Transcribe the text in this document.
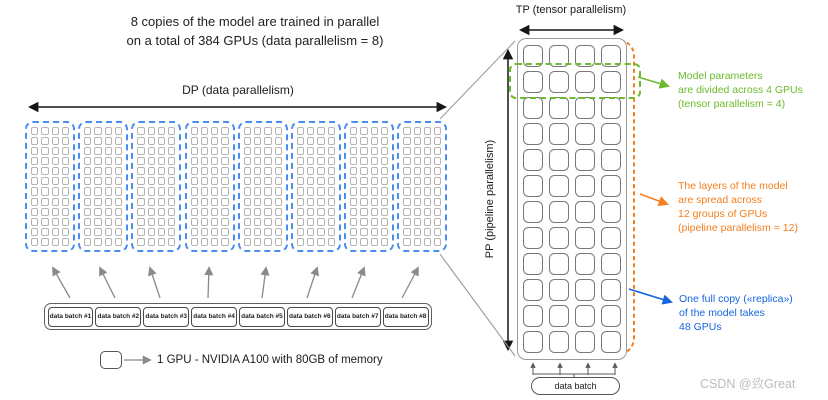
8 copies of the model are trained in parallel
on a total of 384 GPUs (data parallelism = 8)
DP (data parallelism)
TP (tensor parallelism)
PP (pipeline parallelism)
data batch #1 data batch #2 data batch #3 data batch #4 data batch #5 data batch #6 data batch #7 data batch #8
1 GPU - NVIDIA A100 with 80GB of memory
data batch
Model parameters
are divided across 4 GPUs
(tensor parallelism = 4)
The layers of the model
are spread across
12 groups of GPUs
(pipeline parallelism = 12)
One full copy («replica»)
of the model takes
48 GPUs
CSDN @致Great
